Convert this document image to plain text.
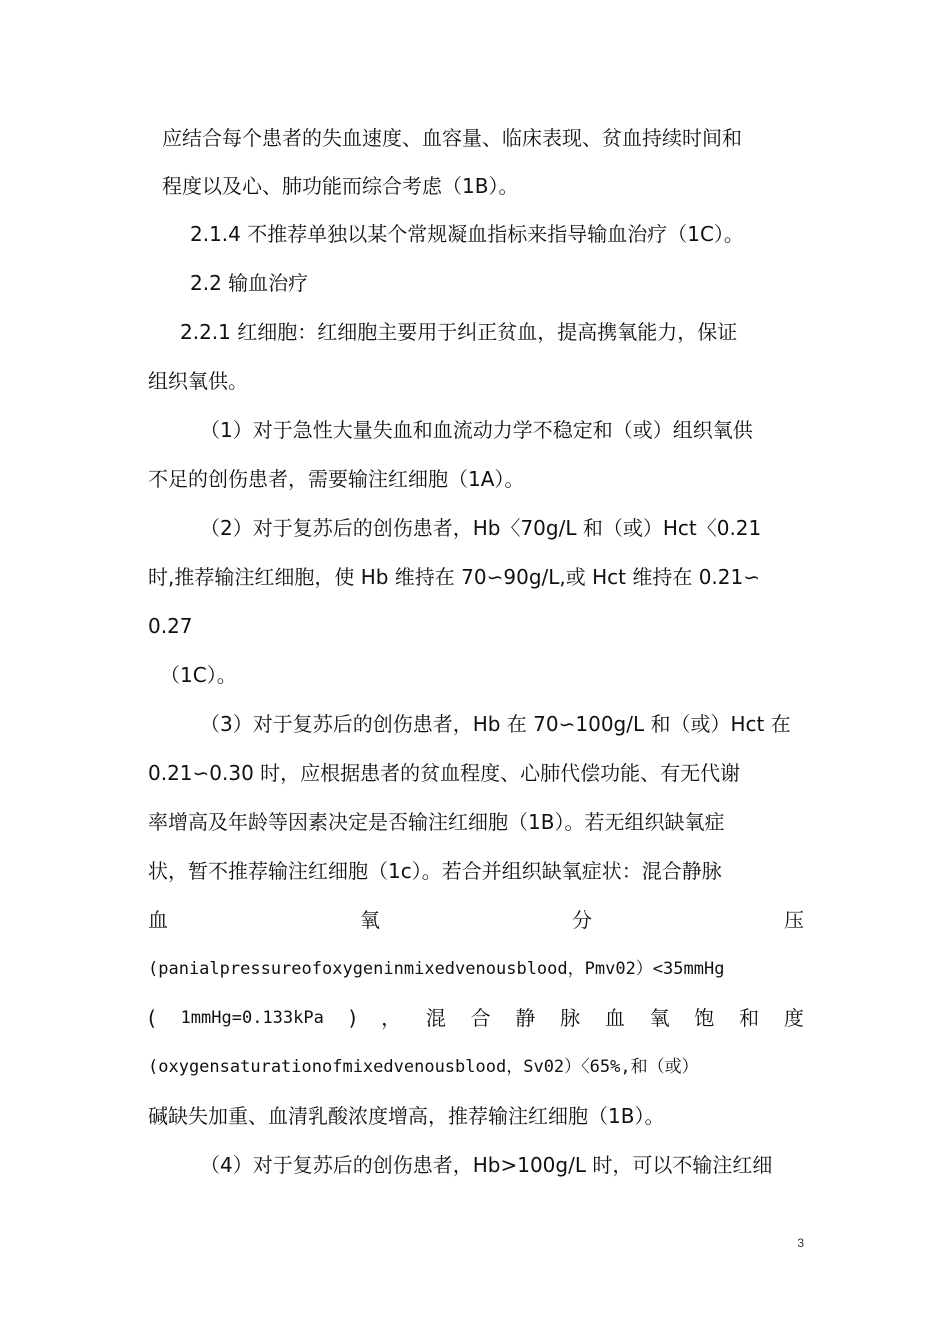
应结合每个患者的失血速度、血容量、临床表现、贫血持续时间和
程度以及心、肺功能而综合考虑（1B）。
2.1.4 不推荐单独以某个常规凝血指标来指导输血治疗（1C）。
2.2 输血治疗
2.2.1 红细胞：红细胞主要用于纠正贫血，提高携氧能力，保证
组织氧供。
（1）对于急性大量失血和血流动力学不稳定和（或）组织氧供
不足的创伤患者，需要输注红细胞（1A）。
（2）对于复苏后的创伤患者，Hb〈70g/L 和（或）Hct〈0.21
时,推荐输注红细胞，使 Hb 维持在 70∽90g/L,或 Hct 维持在 0.21∽
0.27
（1C）。
（3）对于复苏后的创伤患者，Hb 在 70∽100g/L 和（或）Hct 在
0.21∽0.30 时，应根据患者的贫血程度、心肺代偿功能、有无代谢
率增高及年龄等因素决定是否输注红细胞（1B）。若无组织缺氧症
状，暂不推荐输注红细胞（1c）。若合并组织缺氧症状：混合静脉
血	氧	分	压
(panialpressureofoxygeninmixedvenousblood，Pmv02）<35mmHg
( 1mmHg=0.133kPa ) ， 混 合 静 脉 血 氧 饱 和 度
(oxygensaturationofmixedvenousblood，Sv02）〈65%,和（或）
碱缺失加重、血清乳酸浓度增高，推荐输注红细胞（1B）。
（4）对于复苏后的创伤患者，Hb>100g/L 时，可以不输注红细
3
